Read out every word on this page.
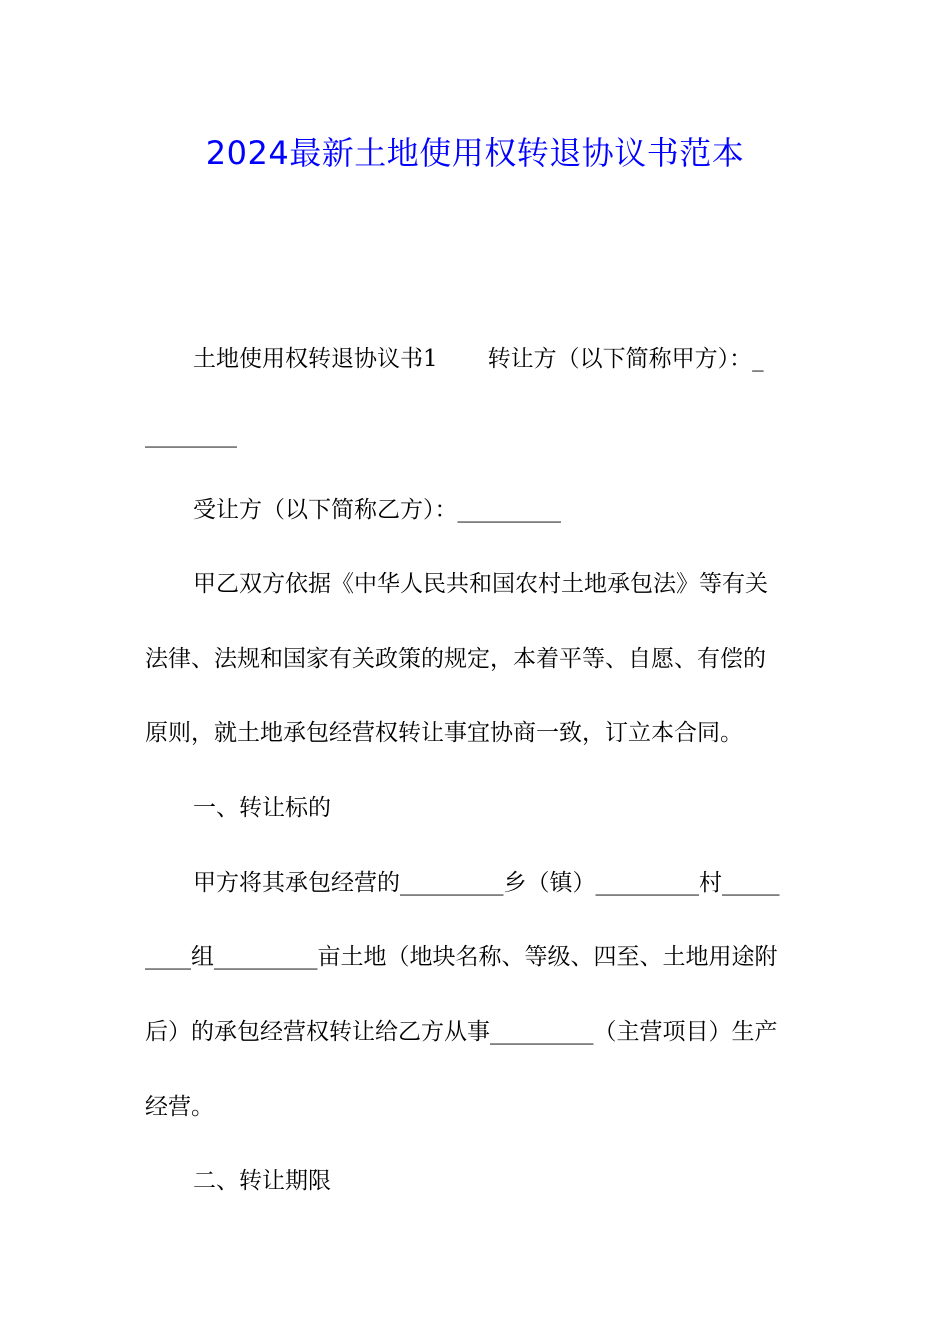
2024最新土地使用权转退协议书范本
土地使用权转退协议书1 转让方（以下简称甲方）：_
________
受让方（以下简称乙方）：_________
甲乙双方依据《中华人民共和国农村土地承包法》等有关
法律、法规和国家有关政策的规定，本着平等、自愿、有偿的
原则，就土地承包经营权转让事宜协商一致，订立本合同。
一、转让标的
甲方将其承包经营的_________乡（镇）_________村_____
____组_________亩土地（地块名称、等级、四至、土地用途附
后）的承包经营权转让给乙方从事_________（主营项目）生产
经营。
二、转让期限
